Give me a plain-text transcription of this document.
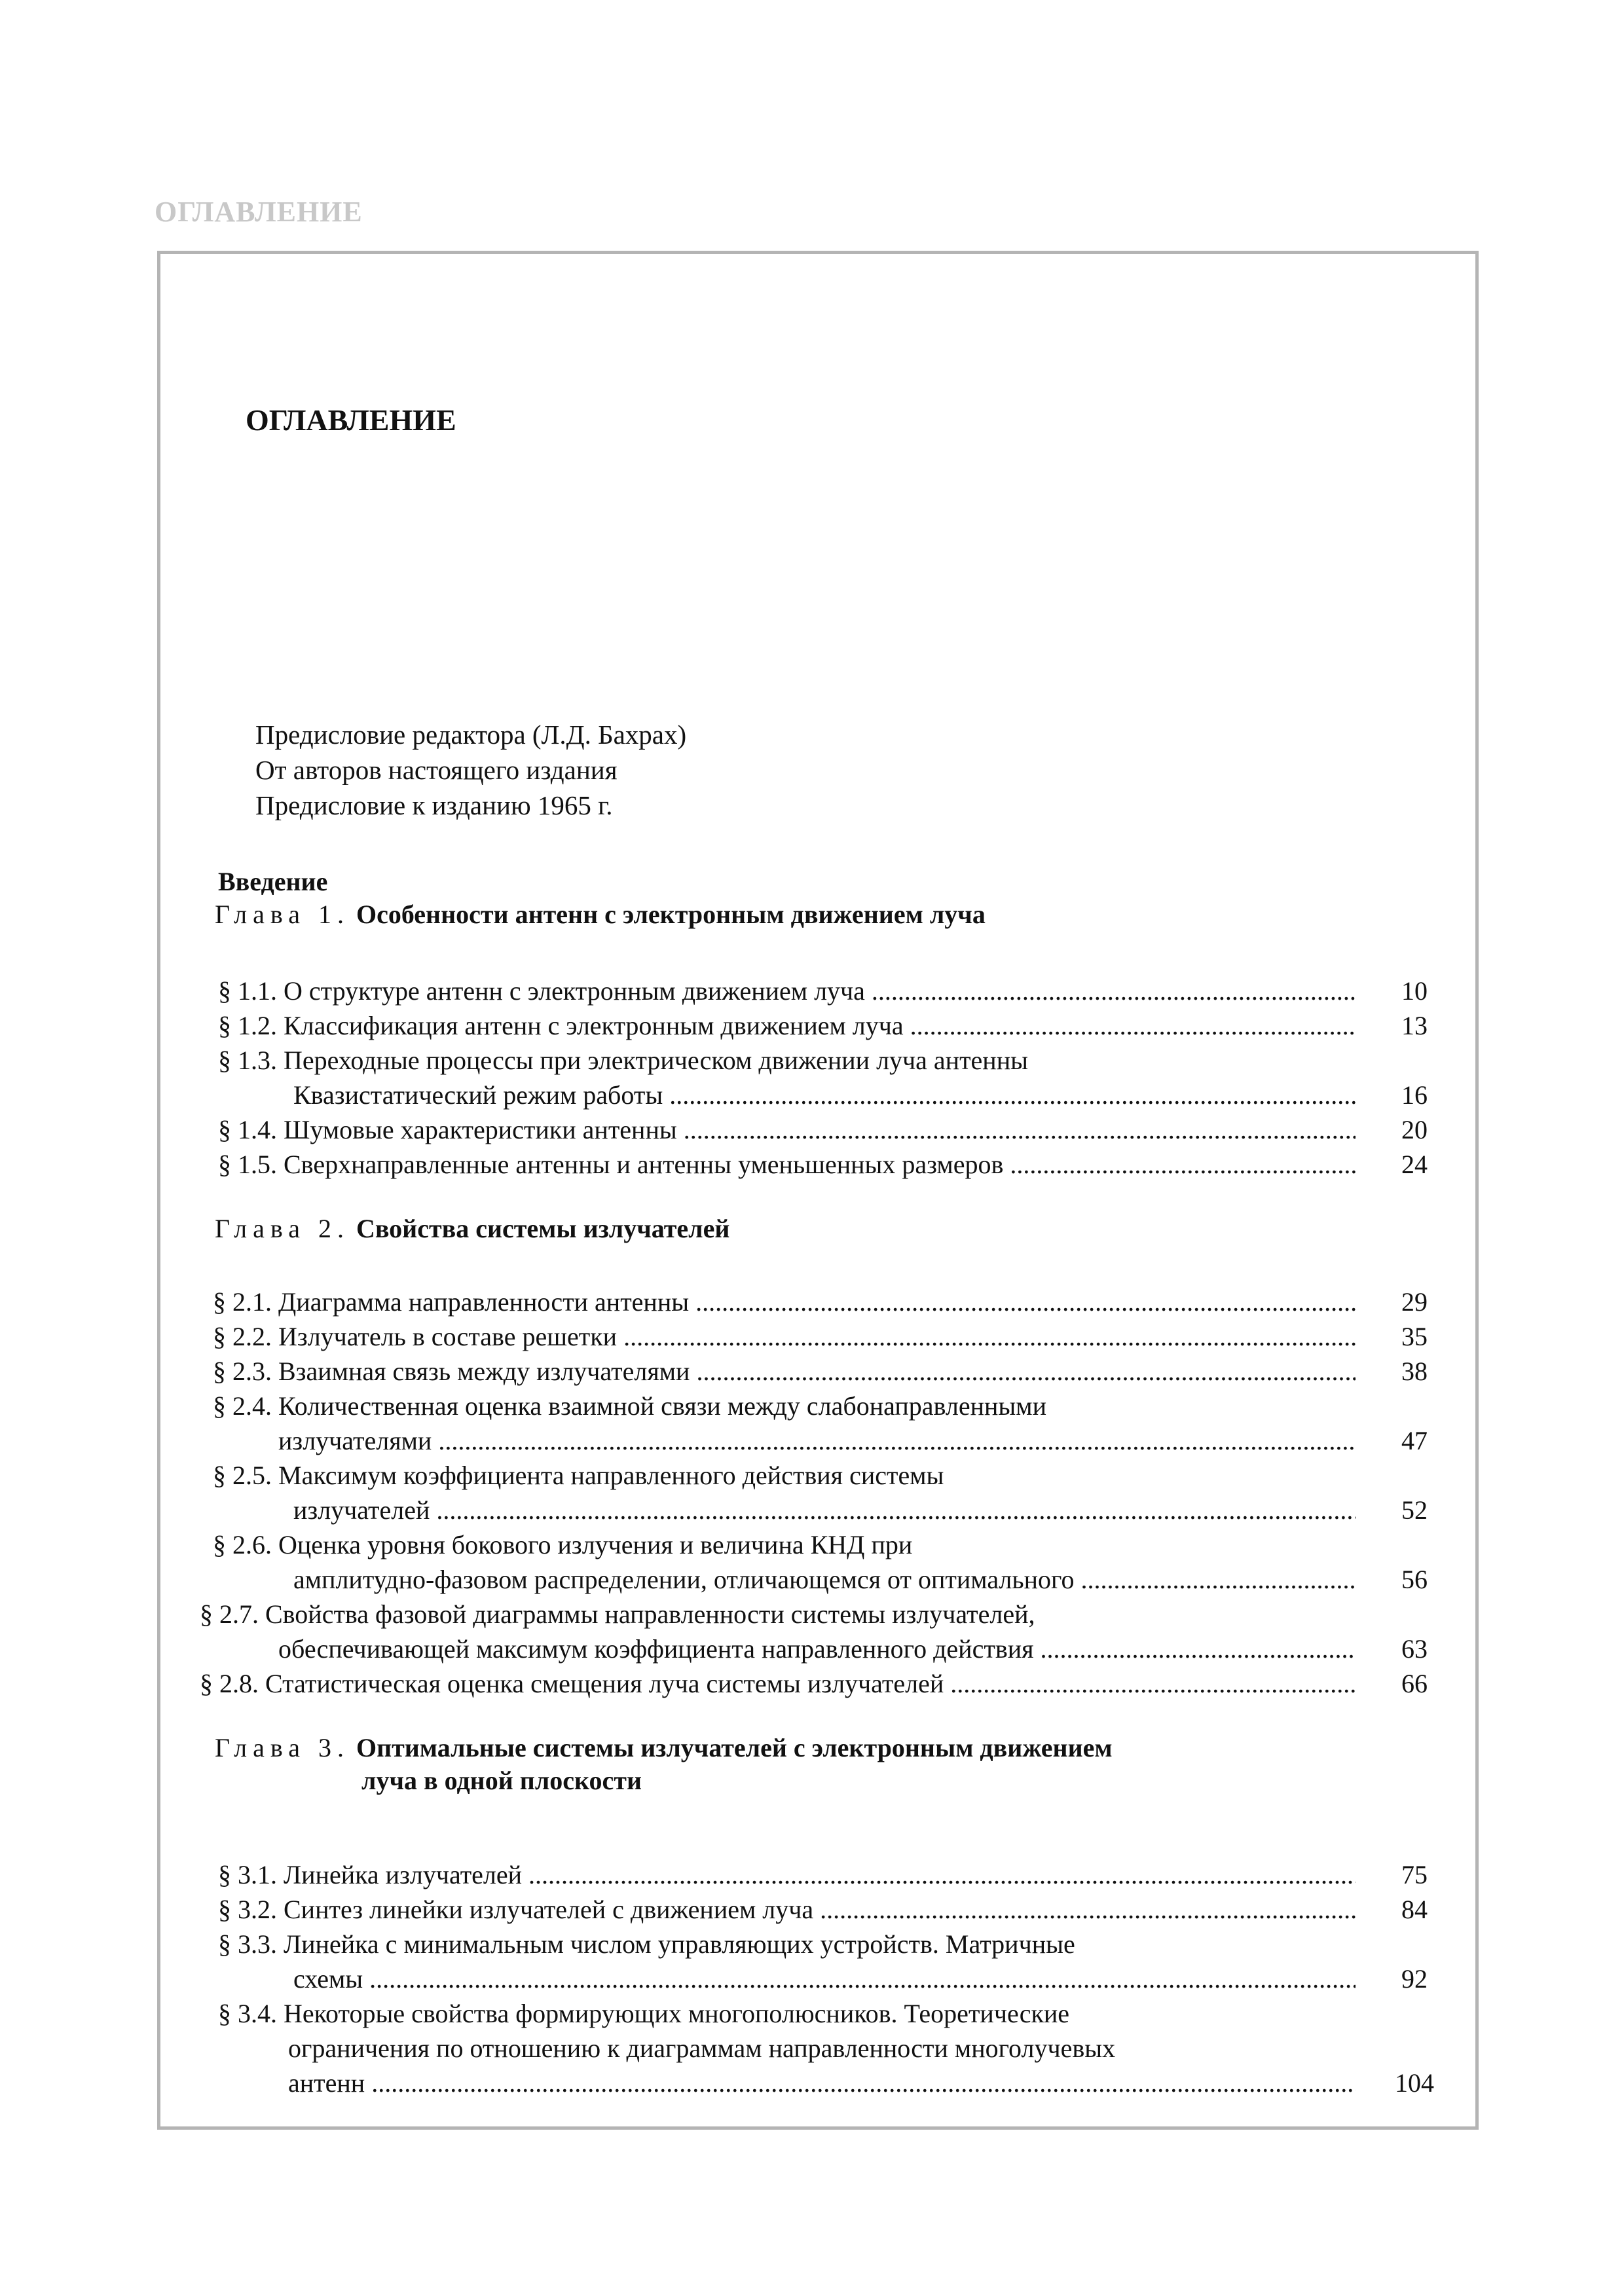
ОГЛАВЛЕНИЕ
ОГЛАВЛЕНИЕ
Предисловие редактора (Л.Д. Бахрах)
От авторов настоящего издания
Предисловие к изданию 1965 г.
Введение
Глава 1. Особенности антенн с электронным движением луча
§ 1.1. О структуре антенн с электронным движением луча .....	10
§ 1.2. Классификация антенн с электронным движением луча .....	13
§ 1.3. Переходные процессы при электрическом движении луча антенны
Квазистатический режим работы .....	16
§ 1.4. Шумовые характеристики антенны .....	20
§ 1.5. Сверхнаправленные антенны и антенны уменьшенных размеров .....	24
Глава 2. Свойства системы излучателей
§ 2.1. Диаграмма направленности антенны .....	29
§ 2.2. Излучатель в составе решетки .....	35
§ 2.3. Взаимная связь между излучателями .....	38
§ 2.4. Количественная оценка взаимной связи между слабонаправленными
излучателями .....	47
§ 2.5. Максимум коэффициента направленного действия системы
излучателей .....	52
§ 2.6. Оценка уровня бокового излучения и величина КНД при
амплитудно-фазовом распределении, отличающемся от оптимального .....	56
§ 2.7. Свойства фазовой диаграммы направленности системы излучателей,
обеспечивающей максимум коэффициента направленного действия .....	63
§ 2.8. Статистическая оценка смещения луча системы излучателей .....	66
Глава 3. Оптимальные системы излучателей с электронным движением
луча в одной плоскости
§ 3.1. Линейка излучателей .....	75
§ 3.2. Синтез линейки излучателей с движением луча .....	84
§ 3.3. Линейка с минимальным числом управляющих устройств. Матричные
схемы .....	92
§ 3.4. Некоторые свойства формирующих многополюсников. Теоретические
ограничения по отношению к диаграммам направленности многолучевых
антенн .....	104
